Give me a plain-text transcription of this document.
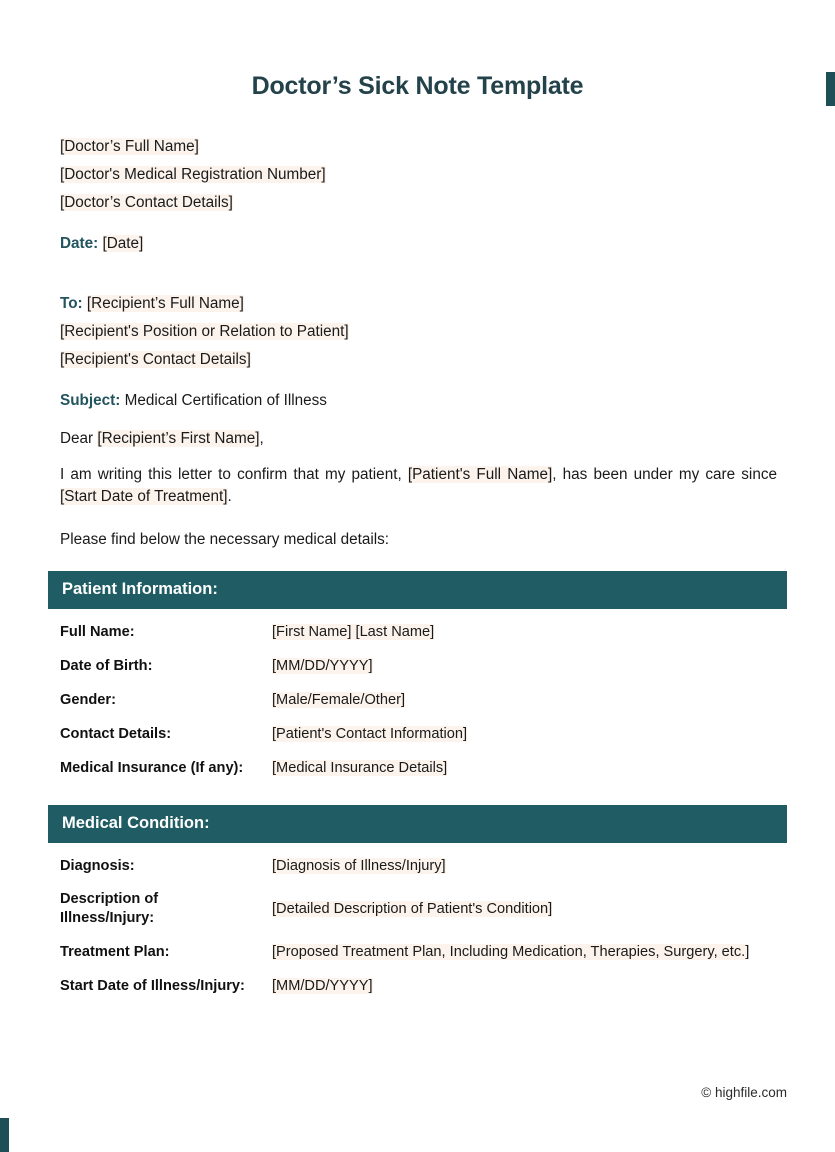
Doctor’s Sick Note Template

[Doctor’s Full Name]

[Doctor's Medical Registration Number]

[Doctor’s Contact Details]

Date: [Date]

To: [Recipient’s Full Name]

[Recipient's Position or Relation to Patient]

[Recipient's Contact Details]

Subject: Medical Certification of Illness

Dear [Recipient’s First Name],

I am writing this letter to confirm that my patient, [Patient's Full Name], has been under my care since [Start Date of Treatment].

Please find below the necessary medical details:

Patient Information:
Full Name:	[First Name] [Last Name]
Date of Birth:	[MM/DD/YYYY]
Gender:	[Male/Female/Other]
Contact Details:	[Patient's Contact Information]
Medical Insurance (If any):	[Medical Insurance Details]
Medical Condition:
Diagnosis:	[Diagnosis of Illness/Injury]
Description of Illness/Injury:	[Detailed Description of Patient's Condition]
Treatment Plan:	[Proposed Treatment Plan, Including Medication, Therapies, Surgery, etc.]
Start Date of Illness/Injury:	[MM/DD/YYYY]
© highfile.com
